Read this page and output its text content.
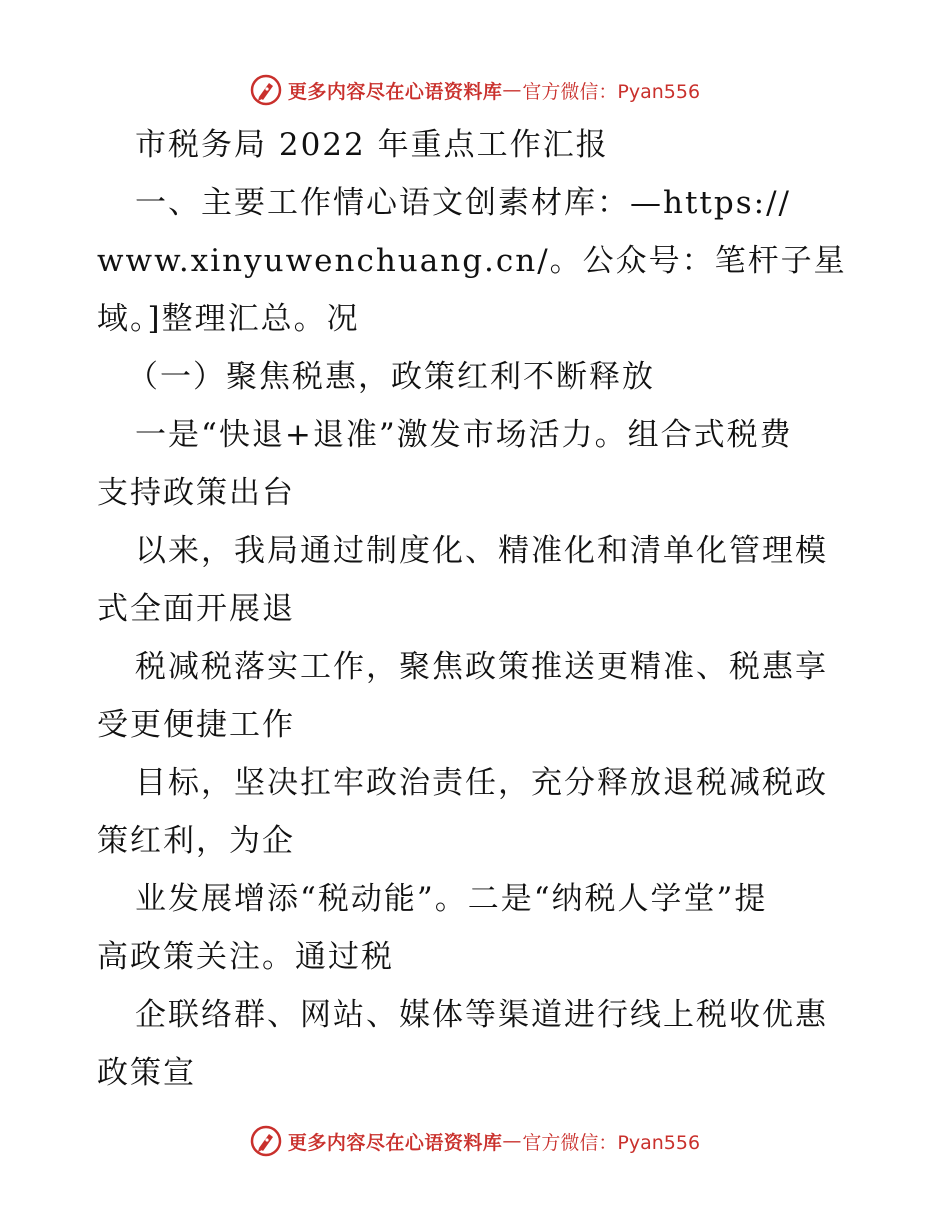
更多内容尽在心语资料库 — 官方微信：Pyan556
市税务局 2022 年重点工作汇报
一、主要工作情心语文创素材库：—https://
www.xinyuwenchuang.cn/。公众号：笔杆子星
域。]整理汇总。况
（一）聚焦税惠，政策红利不断释放
一是“快退+退准”激发市场活力。组合式税费
支持政策出台
以来，我局通过制度化、精准化和清单化管理模
式全面开展退
税减税落实工作，聚焦政策推送更精准、税惠享
受更便捷工作
目标，坚决扛牢政治责任，充分释放退税减税政
策红利，为企
业发展增添“税动能”。二是“纳税人学堂”提
高政策关注。通过税
企联络群、网站、媒体等渠道进行线上税收优惠
政策宣
更多内容尽在心语资料库 — 官方微信：Pyan556
